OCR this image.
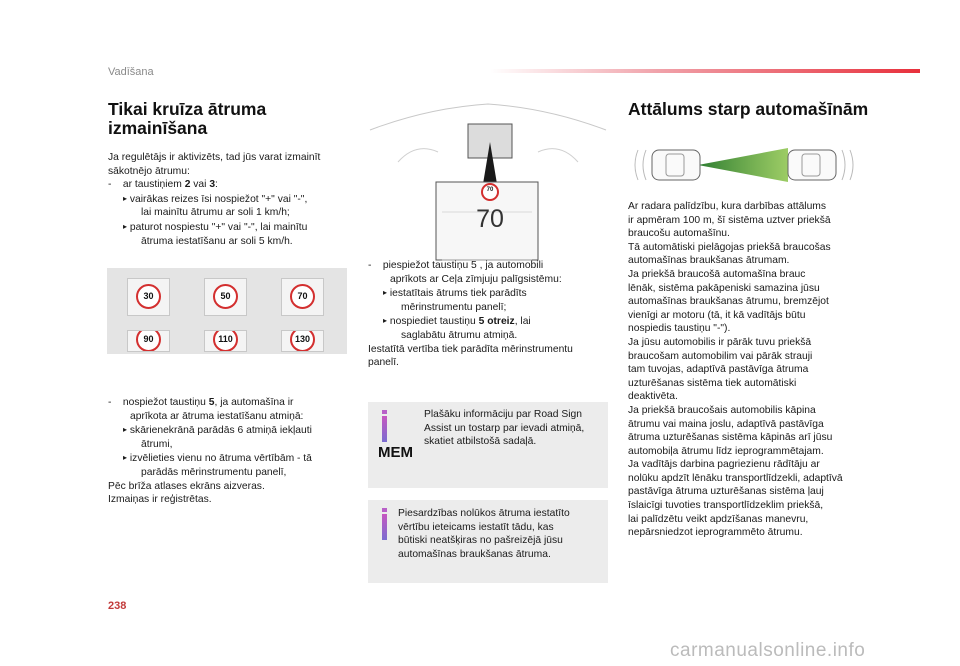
Vadīšana
Tikai kruīza ātruma
izmainīšana

Ja regulētājs ir aktivizēts, tad jūs varat izmainīt

sākotnējo ātrumu:

-    ar taustiņiem 2 vai 3:

▸ vairākas reizes īsi nospiežot "+" vai "-",

lai mainītu ātrumu ar soli 1 km/h;

▸ paturot nospiestu "+" vai "-", lai mainītu

ātruma iestatīšanu ar soli 5 km/h.

30	50	70
90	110	130

-    nospiežot taustiņu 5, ja automašīna ir

aprīkota ar ātruma iestatīšanu atmiņā:

▸ skārienekrānā parādās 6 atmiņā iekļauti

ātrumi,

▸ izvēlieties vienu no ātruma vērtībām - tā

parādās mērinstrumentu panelī,

Pēc brīža atlases ekrāns aizveras.

Izmaiņas ir reģistrētas.

70
70

-    piespiežot taustiņu 5 , ja automobili

aprīkots ar Ceļa zīmjuju palīgsistēmu:

▸ iestatītais ātrums tiek parādīts

mērinstrumentu panelī;

▸ nospiediet taustiņu 5 otreiz, lai

saglabātu ātrumu atmiņā.

Iestatītā vertība tiek parādīta mērinstrumentu

panelī.

MEM
Plašāku informāciju par Road Sign
Assist un tostarp par ievadi atmiņā,
skatiet atbilstošā sadaļā.
Piesardzības nolūkos ātruma iestatīto
vērtību ieteicams iestatīt tādu, kas
būtiski neatšķiras no pašreizējā jūsu
automašīnas braukšanas ātruma.
Attālums starp automašīnām

Ar radara palīdzību, kura darbības attālums

ir apmēram 100 m, šī sistēma uztver priekšā

braucošu automašīnu.

Tā automātiski pielāgojas priekšā braucošas

automašīnas braukšanas ātrumam.

Ja priekšā braucošā automašīna brauc

lēnāk, sistēma pakāpeniski samazina jūsu

automašīnas braukšanas ātrumu, bremzējot

vienīgi ar motoru (tā, it kā vadītājs būtu

nospiedis taustiņu "-").

Ja jūsu automobilis ir pārāk tuvu priekšā

braucošam automobilim vai pārāk strauji

tam tuvojas, adaptīvā pastāvīga ātruma

uzturēšanas sistēma tiek automātiski

deaktivēta.

Ja priekšā braucošais automobilis kāpina

ātrumu vai maina joslu, adaptīvā pastāvīga

ātruma uzturēšanas sistēma kāpinās arī jūsu

automobiļa ātrumu līdz ieprogrammētajam.

Ja vadītājs darbina pagriezienu rādītāju ar

nolūku apdzīt lēnāku transportlīdzekli, adaptīvā

pastāvīga ātruma uzturēšanas sistēma ļauj

īslaicīgi tuvoties transportlīdzeklim priekšā,

lai palīdzētu veikt apdzīšanas manevru,

nepārsniedzot ieprogrammēto ātrumu.

238
carmanualsonline.info
